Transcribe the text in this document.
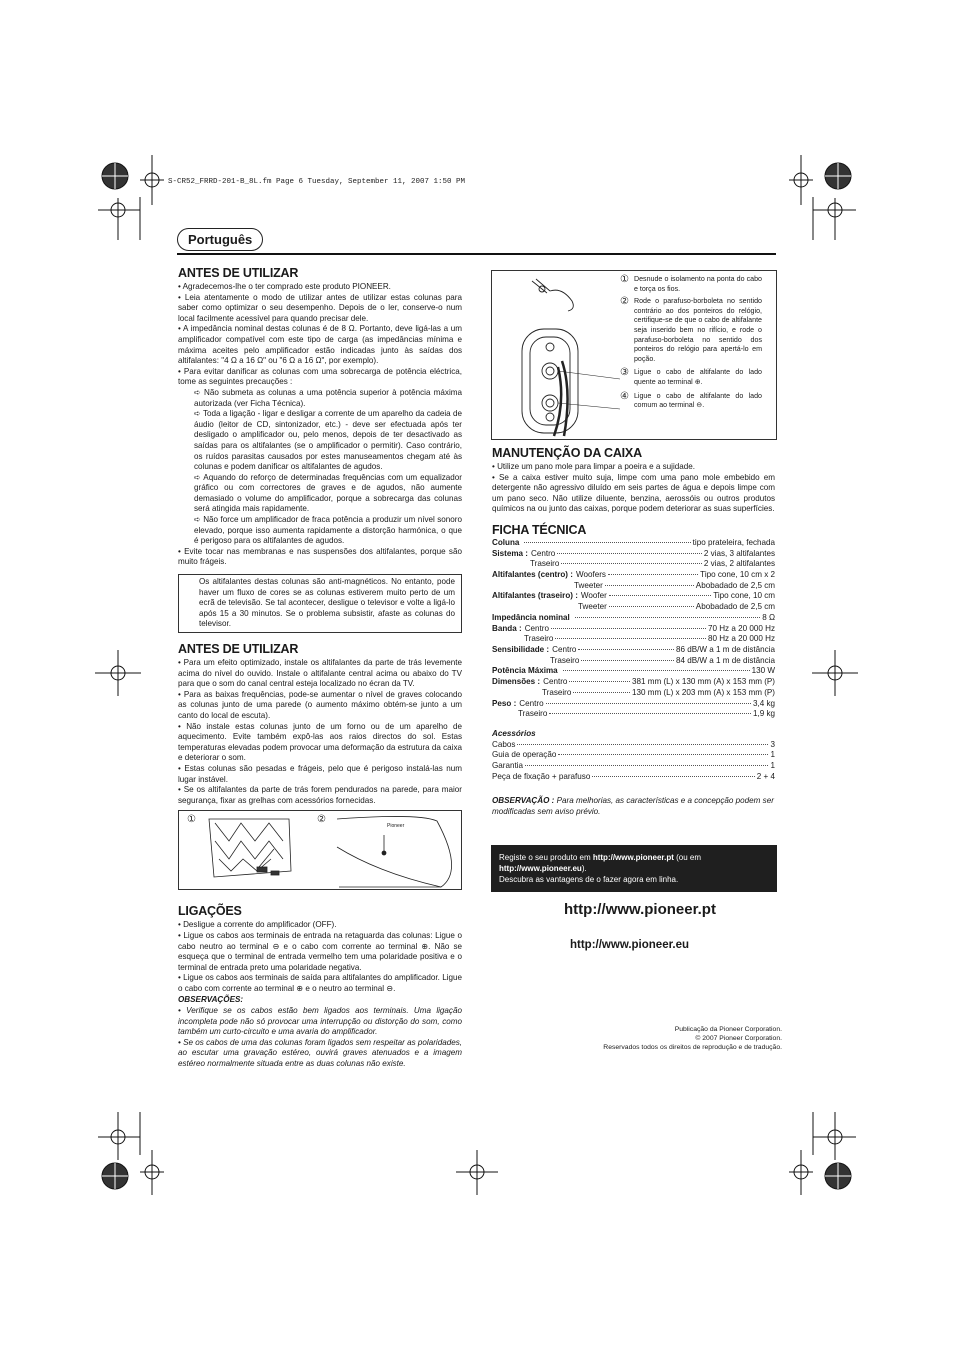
S-CR52_FRRD-201-B_8L.fm Page 6 Tuesday, September 11, 2007 1:50 PM
Português
ANTES DE UTILIZAR

• Agradecemos-lhe o ter comprado este produto PIONEER.

• Leia atentamente o modo de utilizar antes de utilizar estas colunas para saber como optimizar o seu desempenho. Depois de o ler, conserve-o num local facilmente acessível para quando precisar dele.

• A impedância nominal destas colunas é de 8 Ω. Portanto, deve ligá-las a um amplificador compatível com este tipo de carga (as impedâncias mínima e máxima aceites pelo amplificador estão indicadas junto às saídas dos altifalantes: "4 Ω a 16 Ω" ou "6 Ω a 16 Ω", por exemplo).

• Para evitar danificar as colunas com uma sobrecarga de potência eléctrica, tome as seguintes precauções :

➪ Não submeta as colunas a uma potência superior à potência máxima autorizada (ver Ficha Técnica).

➪ Toda a ligação - ligar e desligar a corrente de um aparelho da cadeia de áudio (leitor de CD, sintonizador, etc.) - deve ser efectuada após ter desligado o amplificador ou, pelo menos, depois de ter desactivado as saídas para os altifalantes (se o amplificador o permitir). Caso contrário, os ruídos parasitas causados por estes manuseamentos chegam até às colunas e podem danificar os altifalantes de agudos.

➪ Aquando do reforço de determinadas frequências com um equalizador gráfico ou com correctores de graves e de agudos, não aumente demasiado o volume do amplificador, porque a sobrecarga das colunas será atingida mais rapidamente.

➪ Não force um amplificador de fraca potência a produzir um nível sonoro elevado, porque isso aumenta rapidamente a distorção harmónica, o que é perigoso para os altifalantes de agudos.

• Evite tocar nas membranas e nas suspensões dos altifalantes, porque são muito frágeis.

Os altifalantes destas colunas são anti-magnéticos. No entanto, pode haver um fluxo de cores se as colunas estiverem muito perto de um ecrã de televisão. Se tal acontecer, desligue o televisor e volte a ligá-lo após 15 a 30 minutos. Se o problema subsistir, afaste as colunas do televisor.

ANTES DE UTILIZAR

• Para um efeito optimizado, instale os altifalantes da parte de trás levemente acima do nível do ouvido. Instale o altifalante central acima ou abaixo do TV para que o som do canal central esteja localizado no écran da TV.

• Para as baixas frequências, pode-se aumentar o nível de graves colocando as colunas junto de uma parede (o aumento máximo obtém-se junto a um canto do local de escuta).

• Não instale estas colunas junto de um forno ou de um aparelho de aquecimento. Evite também expô-las aos raios directos do sol. Estas temperaturas elevadas podem provocar uma deformação da estrutura da caixa e deteriorar o som.

• Estas colunas são pesadas e frágeis, pelo que é perigoso instalá-las num lugar instável.

• Se os altifalantes da parte de trás forem pendurados na parede, para maior segurança, fixar as grelhas com acessórios fornecidas.

①	②
Pioneer
LIGAÇÕES

• Desligue a corrente do amplificador (OFF).

• Ligue os cabos aos terminais de entrada na retaguarda das colunas: Ligue o cabo neutro ao terminal ⊖ e o cabo com corrente ao terminal ⊕. Não se esqueça que o terminal de entrada vermelho tem uma polaridade positiva e o terminal de entrada preto uma polaridade negativa.

• Ligue os cabos aos terminais de saída para altifalantes do amplificador. Ligue o cabo com corrente ao terminal ⊕ e o neutro ao terminal ⊖.

OBSERVAÇÕES:

• Verifique se os cabos estão bem ligados aos terminais. Uma ligação incompleta pode não só provocar uma interrupção ou distorção do som, como também um curto-circuito e uma avaria do amplificador.

• Se os cabos de uma das colunas foram ligados sem respeitar as polaridades, ao escutar uma gravação estéreo, ouvirá graves atenuados e a imagem estéreo normalmente situada entre as duas colunas não existe.

① Desnude o isolamento na ponta do cabo e torça os fios.
② Rode o parafuso-borboleta no sentido contrário ao dos ponteiros do relógio, certifique-se de que o cabo de altifalante seja inserido bem no rifício, e rode o parafuso-borboleta no sentido dos ponteiros do relógio para apertá-lo em poção.
③ Ligue o cabo de altifalante do lado quente ao terminal ⊕.
④ Ligue o cabo de altifalante do lado comum ao terminal ⊖.
MANUTENÇÃO DA CAIXA

• Utilize um pano mole para limpar a poeira e a sujidade.

• Se a caixa estiver muito suja, limpe com uma pano mole embebido em detergente não agressivo diluído em seis partes de água e depois limpe com um pano seco. Não utilize diluente, benzina, aerossóis ou outros produtos químicos na ou junto das caixas, porque podem deteriorar as suas superfícies.

FICHA TÉCNICA
Coluna	tipo prateleira, fechada
Sistema : Centro	2 vias, 3 altifalantes
Traseiro	2 vias, 2 altifalantes
Altifalantes (centro) : Woofers	Tipo cone, 10 cm x 2
Tweeter	Abobadado de 2,5 cm
Altifalantes (traseiro) : Woofer	Tipo cone, 10 cm
Tweeter	Abobadado de 2,5 cm
Impedância nominal	8 Ω
Banda : Centro	70 Hz a 20 000 Hz
Traseiro	80 Hz a 20 000 Hz
Sensibilidade : Centro	86 dB/W a 1 m de distância
Traseiro	84 dB/W a 1 m de distância
Potência Máxima	130 W
Dimensões : Centro	381 mm (L) x 130 mm (A) x 153 mm (P)
Traseiro	130 mm (L) x 203 mm (A) x 153 mm (P)
Peso : Centro	3,4 kg
Traseiro	1,9 kg
Acessórios
Cabos	3
Guia de operação	1
Garantia	1
Peça de fixação + parafuso	2 + 4
OBSERVAÇÃO : Para melhorias, as características e a concepção podem ser modificadas sem aviso prévio.
Registe o seu produto em http://www.pioneer.pt (ou em http://www.pioneer.eu).
Descubra as vantagens de o fazer agora em linha.
http://www.pioneer.pt
http://www.pioneer.eu
Publicação da Pioneer Corporation.
© 2007 Pioneer Corporation.
Reservados todos os direitos de reprodução e de tradução.
